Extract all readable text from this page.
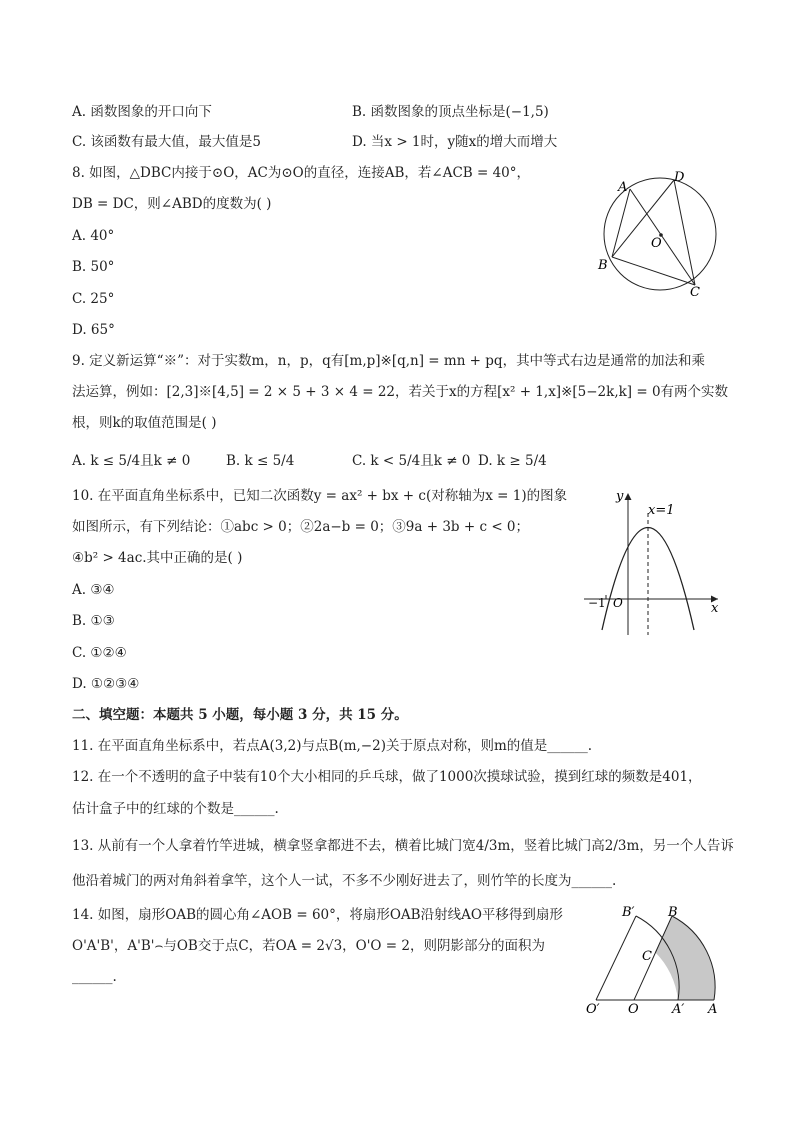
A. 函数图象的开口向下	B. 函数图象的顶点坐标是(−1,5)
C. 该函数有最大值，最大值是5	D. 当x > 1时，y随x的增大而增大
8. 如图，△DBC内接于⊙O，AC为⊙O的直径，连接AB，若∠ACB = 40°，
DB = DC，则∠ABD的度数为( )
A. 40°
B. 50°
C. 25°
D. 65°
A
D
O
B
C
9. 定义新运算“※”：对于实数m，n，p，q有[m,p]※[q,n] = mn + pq，其中等式右边是通常的加法和乘
法运算，例如：[2,3]※[4,5] = 2 × 5 + 3 × 4 = 22，若关于x的方程[x² + 1,x]※[5−2k,k] = 0有两个实数
根，则k的取值范围是( )
A. k ≤ 5/4且k ≠ 0	B. k ≤ 5/4	C. k < 5/4且k ≠ 0 D. k ≥ 5/4
10. 在平面直角坐标系中，已知二次函数y = ax² + bx + c(对称轴为x = 1)的图象
如图所示，有下列结论：①abc > 0；②2a−b = 0；③9a + 3b + c < 0；
④b² > 4ac.其中正确的是( )
A. ③④
B. ①③
C. ①②④
D. ①②③④
y
x
x=1
−1 O
二、填空题：本题共 5 小题，每小题 3 分，共 15 分。
11. 在平面直角坐标系中，若点A(3,2)与点B(m,−2)关于原点对称，则m的值是______.
12. 在一个不透明的盒子中装有10个大小相同的乒乓球，做了1000次摸球试验，摸到红球的频数是401，
估计盒子中的红球的个数是______.
13. 从前有一个人拿着竹竿进城，横拿竖拿都进不去，横着比城门宽4/3m，竖着比城门高2/3m，另一个人告诉
他沿着城门的两对角斜着拿竿，这个人一试，不多不少刚好进去了，则竹竿的长度为______.
14. 如图，扇形OAB的圆心角∠AOB = 60°，将扇形OAB沿射线AO平移得到扇形
O'A'B'，A'B'⌢与OB交于点C，若OA = 2√3，O'O = 2，则阴影部分的面积为
______.
B′	B
C
O′ O	A′ A
